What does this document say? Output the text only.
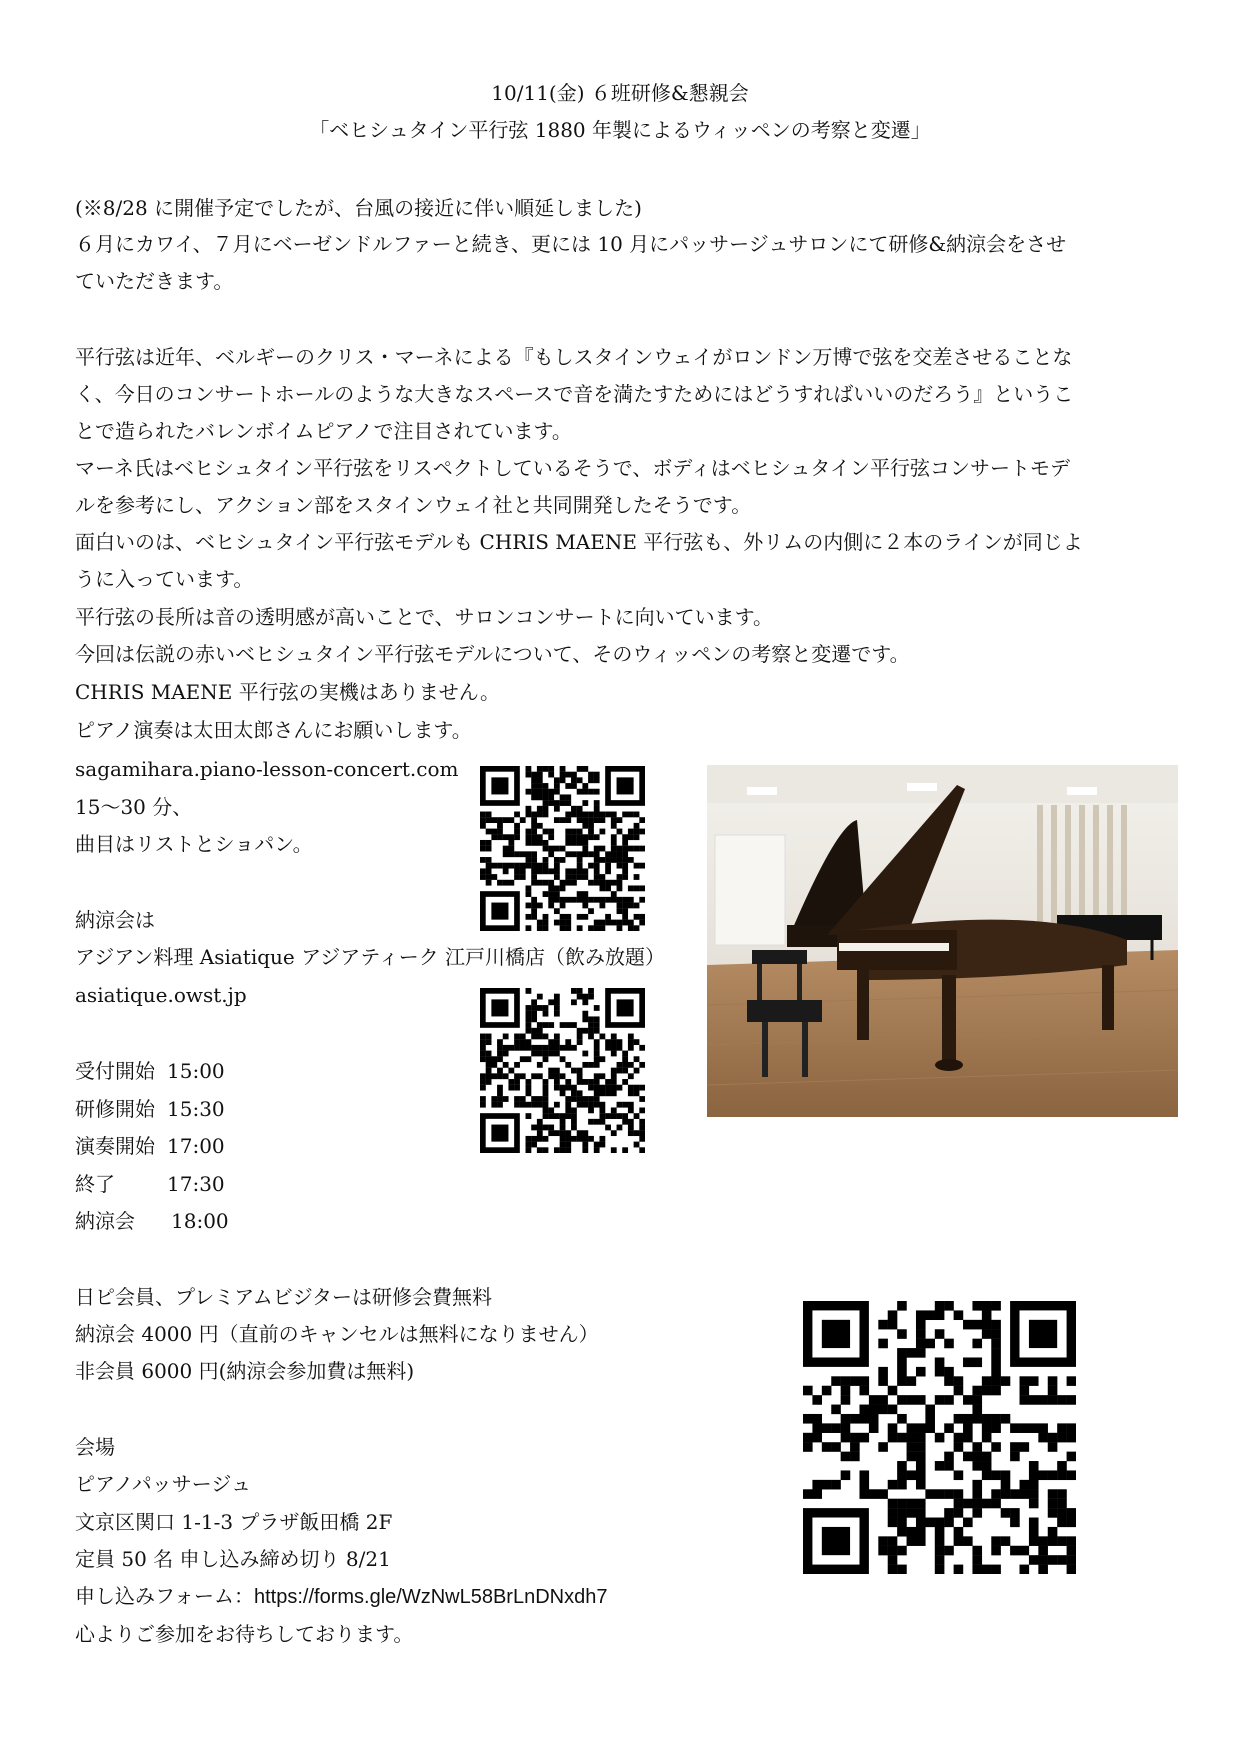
10/11(金) ６班研修&懇親会
「ベヒシュタイン平行弦 1880 年製によるウィッペンの考察と変遷」
(※8/28 に開催予定でしたが、台風の接近に伴い順延しました)
６月にカワイ、７月にベーゼンドルファーと続き、更には 10 月にパッサージュサロンにて研修&納涼会をさせ
ていただきます。
平行弦は近年、ベルギーのクリス・マーネによる『もしスタインウェイがロンドン万博で弦を交差させることな
く、今日のコンサートホールのような大きなスペースで音を満たすためにはどうすればいいのだろう』というこ
とで造られたバレンボイムピアノで注目されています。
マーネ氏はベヒシュタイン平行弦をリスペクトしているそうで、ボディはベヒシュタイン平行弦コンサートモデ
ルを参考にし、アクション部をスタインウェイ社と共同開発したそうです。
面白いのは、ベヒシュタイン平行弦モデルも CHRIS MAENE 平行弦も、外リムの内側に２本のラインが同じよ
うに入っています。
平行弦の長所は音の透明感が高いことで、サロンコンサートに向いています。
今回は伝説の赤いベヒシュタイン平行弦モデルについて、そのウィッペンの考察と変遷です。
CHRIS MAENE 平行弦の実機はありません。
ピアノ演奏は太田太郎さんにお願いします。
sagamihara.piano-lesson-concert.com
15〜30 分、
曲目はリストとショパン。
納涼会は
アジアン料理 Asiatique アジアティーク 江戸川橋店（飲み放題）
asiatique.owst.jp
受付開始 15:00
研修開始 15:30
演奏開始 17:00
終了	17:30
納涼会 18:00
日ピ会員、プレミアムビジターは研修会費無料
納涼会 4000 円（直前のキャンセルは無料になりません）
非会員 6000 円(納涼会参加費は無料)
会場
ピアノパッサージュ
文京区関口 1-1-3 プラザ飯田橋 2F
定員 50 名 申し込み締め切り 8/21
申し込みフォーム：https://forms.gle/WzNwL58BrLnDNxdh7
心よりご参加をお待ちしております。
